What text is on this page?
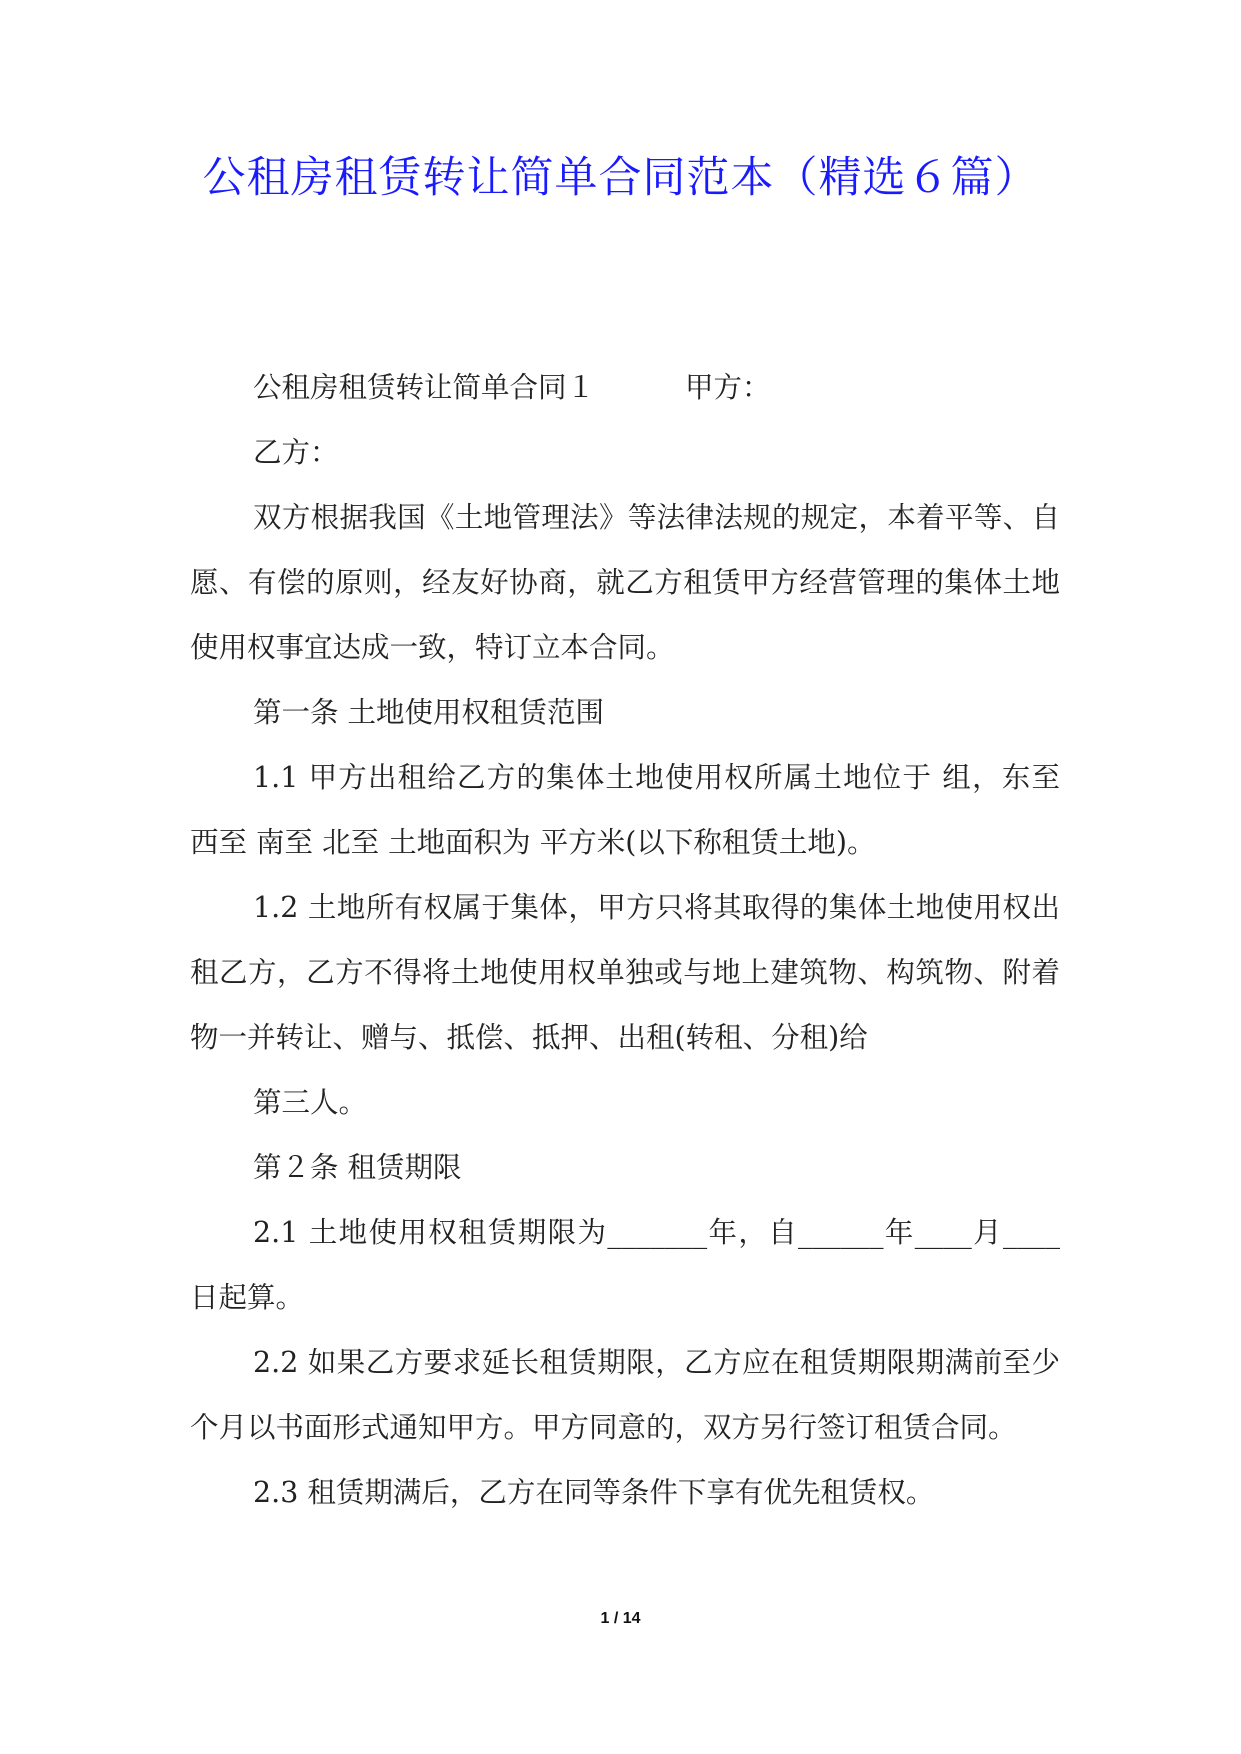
公租房租赁转让简单合同范本（精选６篇）

公租房租赁转让简单合同１	甲方：

乙方：

双方根据我国《土地管理法》等法律法规的规定，本着平等、自愿、有偿的原则，经友好协商，就乙方租赁甲方经营管理的集体土地使用权事宜达成一致，特订立本合同。

第一条 土地使用权租赁范围

1.1 甲方出租给乙方的集体土地使用权所属土地位于 组，东至 西至 南至 北至 土地面积为 平方米(以下称租赁土地)。

1.2 土地所有权属于集体，甲方只将其取得的集体土地使用权出租乙方，乙方不得将土地使用权单独或与地上建筑物、构筑物、附着物一并转让、赠与、抵偿、抵押、出租(转租、分租)给

第三人。

第２条 租赁期限

2.1 土地使用权租赁期限为_______年，自______年____月____日起算。

2.2 如果乙方要求延长租赁期限，乙方应在租赁期限期满前至少 个月以书面形式通知甲方。甲方同意的，双方另行签订租赁合同。

2.3 租赁期满后，乙方在同等条件下享有优先租赁权。

1 / 14
